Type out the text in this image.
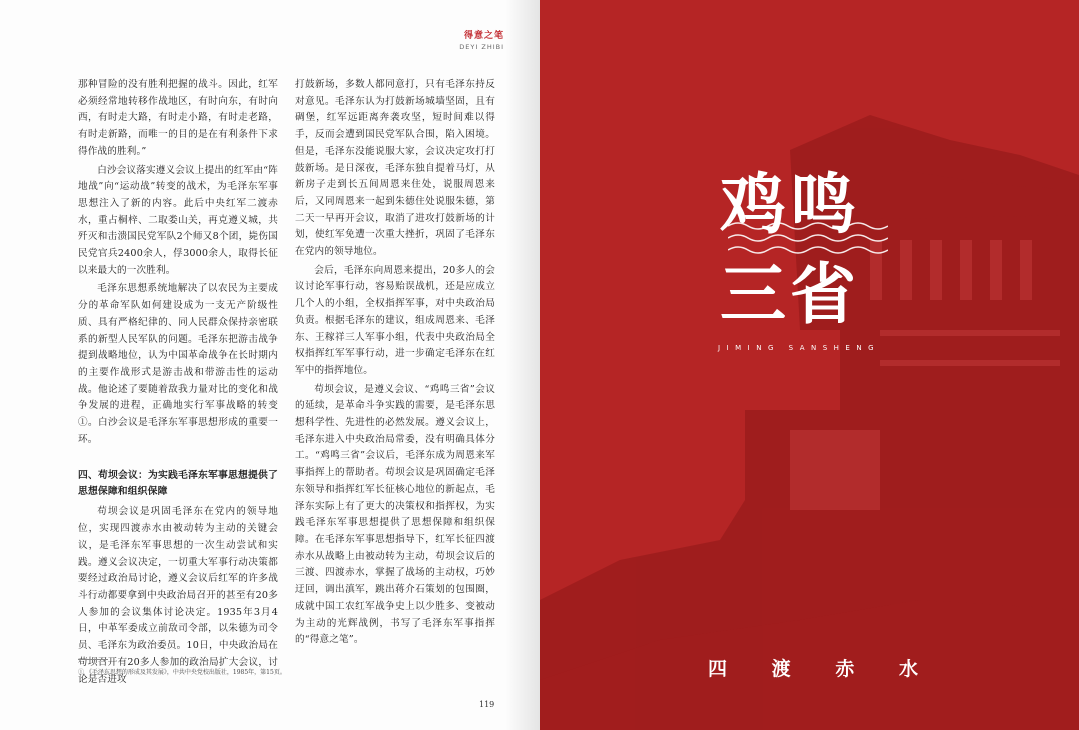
得意之笔
DEYI ZHIBI

那种冒险的没有胜利把握的战斗。因此，红军必须经常地转移作战地区，有时向东，有时向西，有时走大路，有时走小路，有时走老路，有时走新路，而唯一的目的是在有利条件下求得作战的胜利。”

白沙会议落实遵义会议上提出的红军由“阵地战”向“运动战”转变的战术，为毛泽东军事思想注入了新的内容。此后中央红军二渡赤水，重占桐梓、二取娄山关，再克遵义城，共歼灭和击溃国民党军队2个师又8个团，毙伤国民党官兵2400余人，俘3000余人，取得长征以来最大的一次胜利。

毛泽东思想系统地解决了以农民为主要成分的革命军队如何建设成为一支无产阶级性质、具有严格纪律的、同人民群众保持亲密联系的新型人民军队的问题。毛泽东把游击战争提到战略地位，认为中国革命战争在长时期内的主要作战形式是游击战和带游击性的运动战。他论述了要随着敌我力量对比的变化和战争发展的进程，正确地实行军事战略的转变①。白沙会议是毛泽东军事思想形成的重要一环。

四、苟坝会议：为实践毛泽东军事思想提供了思想保障和组织保障

苟坝会议是巩固毛泽东在党内的领导地位，实现四渡赤水由被动转为主动的关键会议，是毛泽东军事思想的一次生动尝试和实践。遵义会议决定，一切重大军事行动决策都要经过政治局讨论，遵义会议后红军的许多战斗行动都要拿到中央政治局召开的甚至有20多人参加的会议集体讨论决定。1935年3月4日，中革军委成立前敌司令部，以朱德为司令员、毛泽东为政治委员。10日，中央政治局在苟坝召开有20多人参加的政治局扩大会议，讨论是否进攻

打鼓新场，多数人都同意打，只有毛泽东持反对意见。毛泽东认为打鼓新场城墙坚固，且有碉堡，红军远距离奔袭攻坚，短时间难以得手，反而会遭到国民党军队合围，陷入困境。但是，毛泽东没能说服大家，会议决定攻打打鼓新场。是日深夜，毛泽东独自提着马灯，从新房子走到长五间周恩来住处，说服周恩来后，又同周恩来一起到朱德住处说服朱德，第二天一早再开会议，取消了进攻打鼓新场的计划，使红军免遭一次重大挫折，巩固了毛泽东在党内的领导地位。

会后，毛泽东向周恩来提出，20多人的会议讨论军事行动，容易贻误战机，还是应成立几个人的小组，全权指挥军事，对中央政治局负责。根据毛泽东的建议，组成周恩来、毛泽东、王稼祥三人军事小组，代表中央政治局全权指挥红军军事行动，进一步确定毛泽东在红军中的指挥地位。

苟坝会议，是遵义会议、“鸡鸣三省”会议的延续，是革命斗争实践的需要，是毛泽东思想科学性、先进性的必然发展。遵义会议上，毛泽东进入中央政治局常委，没有明确具体分工。“鸡鸣三省”会议后，毛泽东成为周恩来军事指挥上的帮助者。苟坝会议是巩固确定毛泽东领导和指挥红军长征核心地位的新起点，毛泽东实际上有了更大的决策权和指挥权，为实践毛泽东军事思想提供了思想保障和组织保障。在毛泽东军事思想指导下，红军长征四渡赤水从战略上由被动转为主动，苟坝会议后的三渡、四渡赤水，掌握了战场的主动权，巧妙迂回，调出滇军，跳出蒋介石策划的包围圈，成就中国工农红军战争史上以少胜多、变被动为主动的光辉战例，书写了毛泽东军事指挥的“得意之笔”。

① 《毛泽东思想的形成及其发展》，中共中央党校出版社，1985年，第15页。
119
鸡鸣
三省
JIMING SANSHENG
四 渡 赤 水
